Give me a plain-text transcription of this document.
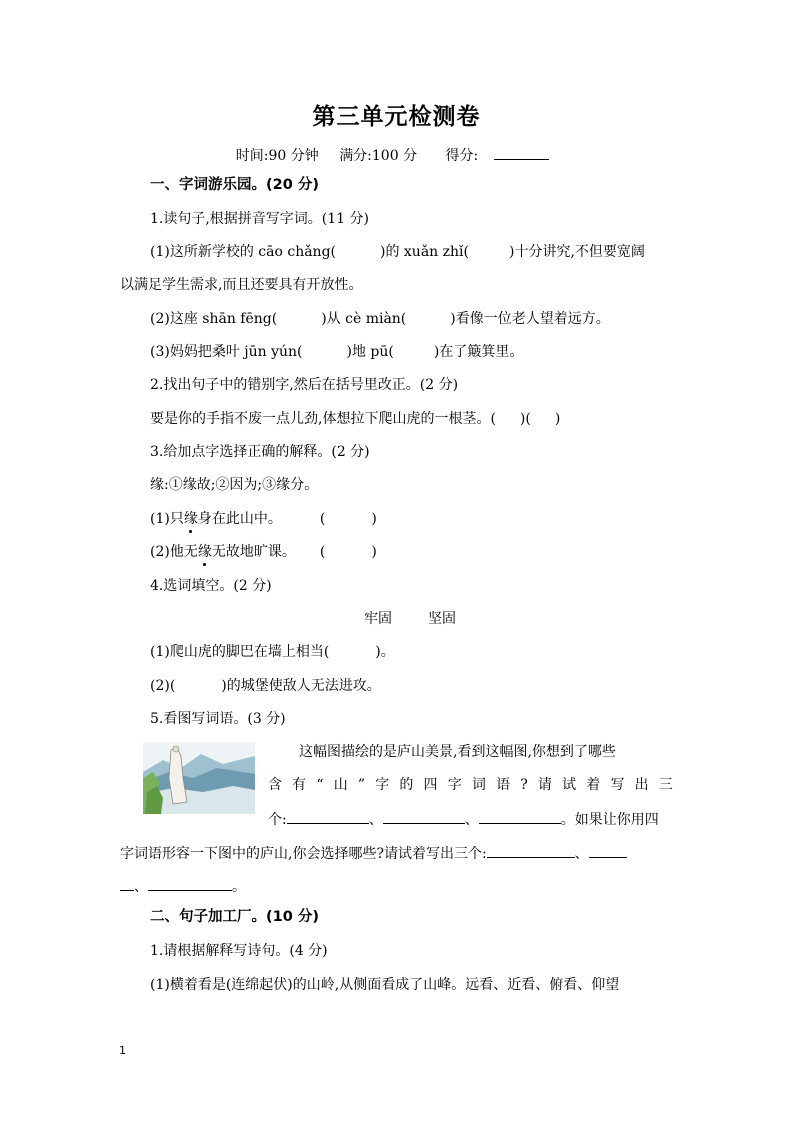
第三单元检测卷
时间:90 分钟 满分:100 分 得分:
一、字词游乐园。(20 分)
1.读句子,根据拼音写字词。(11 分)
(1)这所新学校的 cāo chǎng(	)的 xuǎn zhǐ(	)十分讲究,不但要宽阔
以满足学生需求,而且还要具有开放性。
(2)这座 shān fēng(	)从 cè miàn(	)看像一位老人望着远方。
(3)妈妈把桑叶 jūn yún(	)地 pū(	)在了簸箕里。
2.找出句子中的错别字,然后在括号里改正。(2 分)
要是你的手指不废一点儿劲,体想拉下爬山虎的一根茎。( )( )
3.给加点字选择正确的解释。(2 分)
缘:①缘故;②因为;③缘分。
(1)只缘身在此山中。	(	)
(2)他无缘无故地旷课。 (	)
4.选词填空。(2 分)
牢固	坚固
(1)爬山虎的脚巴在墙上相当(	)。
(2)(	)的城堡使敌人无法进攻。
5.看图写词语。(3 分)
这幅图描绘的是庐山美景,看到这幅图,你想到了哪些
含 有 “ 山 ” 字 的 四 字 词 语 ? 请 试 着 写 出 三
个:	、	、	。如果让你用四
字词语形容一下图中的庐山,你会选择哪些?请试着写出三个:	、
、	。
二、句子加工厂。(10 分)
1.请根据解释写诗句。(4 分)
(1)横着看是(连绵起伏)的山岭,从侧面看成了山峰。远看、近看、俯看、仰望
1
